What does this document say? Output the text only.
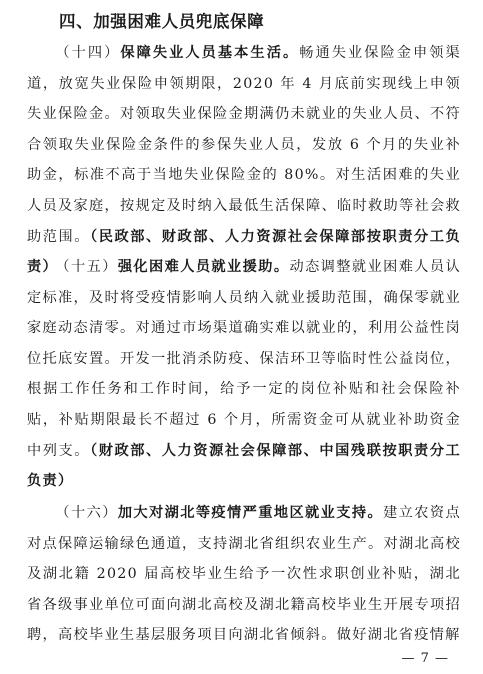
四、加强困难人员兜底保障

（十四）保障失业人员基本生活。畅通失业保险金申领渠道，放宽失业保险申领期限，2020 年 4 月底前实现线上申领失业保险金。对领取失业保险金期满仍未就业的失业人员、不符合领取失业保险金条件的参保失业人员，发放 6 个月的失业补助金，标准不高于当地失业保险金的 80%。对生活困难的失业人员及家庭，按规定及时纳入最低生活保障、临时救助等社会救助范围。（民政部、财政部、人力资源社会保障部按职责分工负责）

（十五）强化困难人员就业援助。动态调整就业困难人员认定标准，及时将受疫情影响人员纳入就业援助范围，确保零就业家庭动态清零。对通过市场渠道确实难以就业的，利用公益性岗位托底安置。开发一批消杀防疫、保洁环卫等临时性公益岗位，根据工作任务和工作时间，给予一定的岗位补贴和社会保险补贴，补贴期限最长不超过 6 个月，所需资金可从就业补助资金中列支。（财政部、人力资源社会保障部、中国残联按职责分工负责）

（十六）加大对湖北等疫情严重地区就业支持。建立农资点对点保障运输绿色通道，支持湖北省组织农业生产。对湖北高校及湖北籍 2020 届高校毕业生给予一次性求职创业补贴，湖北省各级事业单位可面向湖北高校及湖北籍高校毕业生开展专项招聘，高校毕业生基层服务项目向湖北省倾斜。做好湖北省疫情解

— 7 —
